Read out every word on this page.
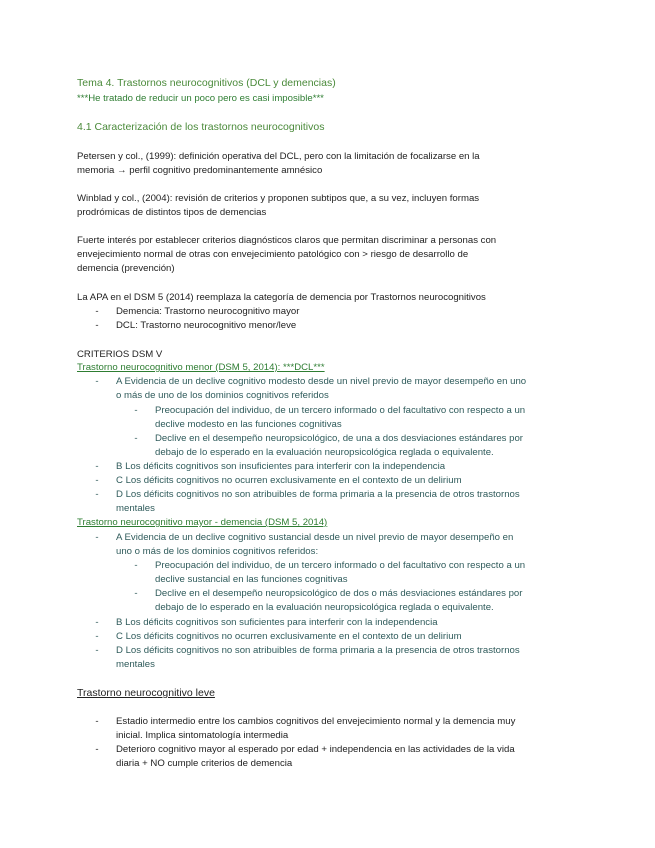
Tema 4. Trastornos neurocognitivos (DCL y demencias)
***He tratado de reducir un poco pero es casi imposible***
4.1 Caracterización de los trastornos neurocognitivos
Petersen y col., (1999): definición operativa del DCL, pero con la limitación de focalizarse en la
memoria → perfil cognitivo predominantemente amnésico
Winblad y col., (2004): revisión de criterios y proponen subtipos que, a su vez, incluyen formas
prodrómicas de distintos tipos de demencias
Fuerte interés por establecer criterios diagnósticos claros que permitan discriminar a personas con
envejecimiento normal de otras con envejecimiento patológico con > riesgo de desarrollo de
demencia (prevención)
La APA en el DSM 5 (2014) reemplaza la categoría de demencia por Trastornos neurocognitivos
-	Demencia: Trastorno neurocognitivo mayor
-	DCL: Trastorno neurocognitivo menor/leve
CRITERIOS DSM V
Trastorno neurocognitivo menor (DSM 5, 2014): ***DCL***
-	A Evidencia de un declive cognitivo modesto desde un nivel previo de mayor desempeño en uno
o más de uno de los dominios cognitivos referidos
-	Preocupación del individuo, de un tercero informado o del facultativo con respecto a un
declive modesto en las funciones cognitivas
-	Declive en el desempeño neuropsicológico, de una a dos desviaciones estándares por
debajo de lo esperado en la evaluación neuropsicológica reglada o equivalente.
-	B Los déficits cognitivos son insuficientes para interferir con la independencia
-	C Los déficits cognitivos no ocurren exclusivamente en el contexto de un delirium
-	D Los déficits cognitivos no son atribuibles de forma primaria a la presencia de otros trastornos
mentales
Trastorno neurocognitivo mayor - demencia (DSM 5, 2014)
-	A Evidencia de un declive cognitivo sustancial desde un nivel previo de mayor desempeño en
uno o más de los dominios cognitivos referidos:
-	Preocupación del individuo, de un tercero informado o del facultativo con respecto a un
declive sustancial en las funciones cognitivas
-	Declive en el desempeño neuropsicológico de dos o más desviaciones estándares por
debajo de lo esperado en la evaluación neuropsicológica reglada o equivalente.
-	B Los déficits cognitivos son suficientes para interferir con la independencia
-	C Los déficits cognitivos no ocurren exclusivamente en el contexto de un delirium
-	D Los déficits cognitivos no son atribuibles de forma primaria a la presencia de otros trastornos
mentales
Trastorno neurocognitivo leve
-	Estadio intermedio entre los cambios cognitivos del envejecimiento normal y la demencia muy
inicial. Implica sintomatología intermedia
-	Deterioro cognitivo mayor al esperado por edad + independencia en las actividades de la vida
diaria + NO cumple criterios de demencia
